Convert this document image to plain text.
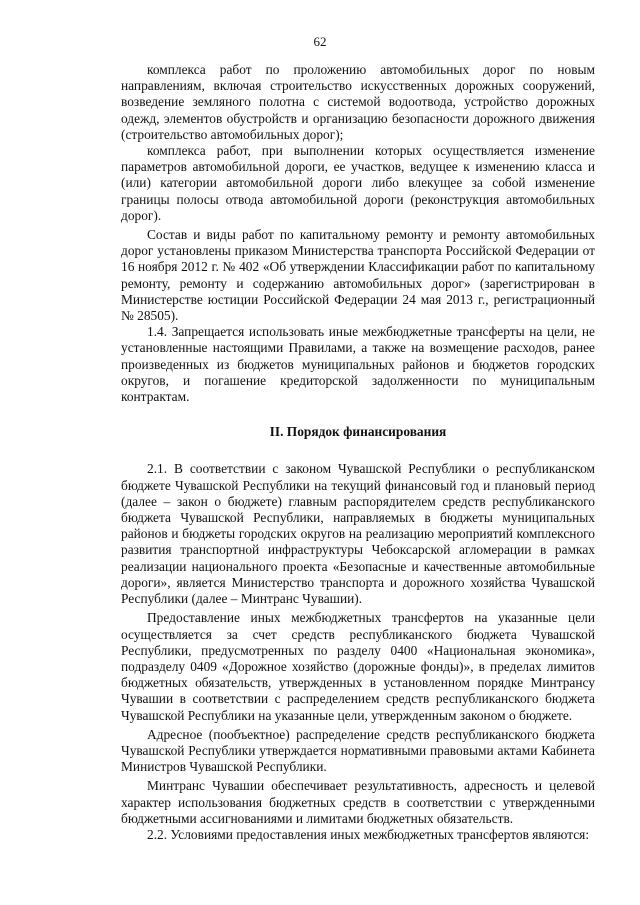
62

комплекса работ по проложению автомобильных дорог по новым направлениям, включая строительство искусственных дорожных сооружений, возведение земляного полотна с системой водоотвода, устройство дорожных одежд, элементов обустройств и организацию безопасности дорожного движения (строительство автомобильных дорог);

комплекса работ, при выполнении которых осуществляется изменение параметров автомобильной дороги, ее участков, ведущее к изменению класса и (или) категории автомобильной дороги либо влекущее за собой изменение границы полосы отвода автомобильной дороги (реконструкция автомобильных дорог).

Состав и виды работ по капитальному ремонту и ремонту автомобильных дорог установлены приказом Министерства транспорта Российской Федерации от 16 ноября 2012 г. № 402 «Об утверждении Классификации работ по капитальному ремонту, ремонту и содержанию автомобильных дорог» (зарегистрирован в Министерстве юстиции Российской Федерации 24 мая 2013 г., регистрационный № 28505).

1.4. Запрещается использовать иные межбюджетные трансферты на цели, не установленные настоящими Правилами, а также на возмещение расходов, ранее произведенных из бюджетов муниципальных районов и бюджетов городских округов, и погашение кредиторской задолженности по муниципальным контрактам.

II. Порядок финансирования

2.1. В соответствии с законом Чувашской Республики о республиканском бюджете Чувашской Республики на текущий финансовый год и плановый период (далее – закон о бюджете) главным распорядителем средств республиканского бюджета Чувашской Республики, направляемых в бюджеты муниципальных районов и бюджеты городских округов на реализацию мероприятий комплексного развития транспортной инфраструктуры Чебоксарской агломерации в рамках реализации национального проекта «Безопасные и качественные автомобильные дороги», является Министерство транспорта и дорожного хозяйства Чувашской Республики (далее – Минтранс Чувашии).

Предоставление иных межбюджетных трансфертов на указанные цели осуществляется за счет средств республиканского бюджета Чувашской Республики, предусмотренных по разделу 0400 «Национальная экономика», подразделу 0409 «Дорожное хозяйство (дорожные фонды)», в пределах лимитов бюджетных обязательств, утвержденных в установленном порядке Минтрансу Чувашии в соответствии с распределением средств республиканского бюджета Чувашской Республики на указанные цели, утвержденным законом о бюджете.

Адресное (пообъектное) распределение средств республиканского бюджета Чувашской Республики утверждается нормативными правовыми актами Кабинета Министров Чувашской Республики.

Минтранс Чувашии обеспечивает результативность, адресность и целевой характер использования бюджетных средств в соответствии с утвержденными бюджетными ассигнованиями и лимитами бюджетных обязательств.

2.2. Условиями предоставления иных межбюджетных трансфертов являются:
